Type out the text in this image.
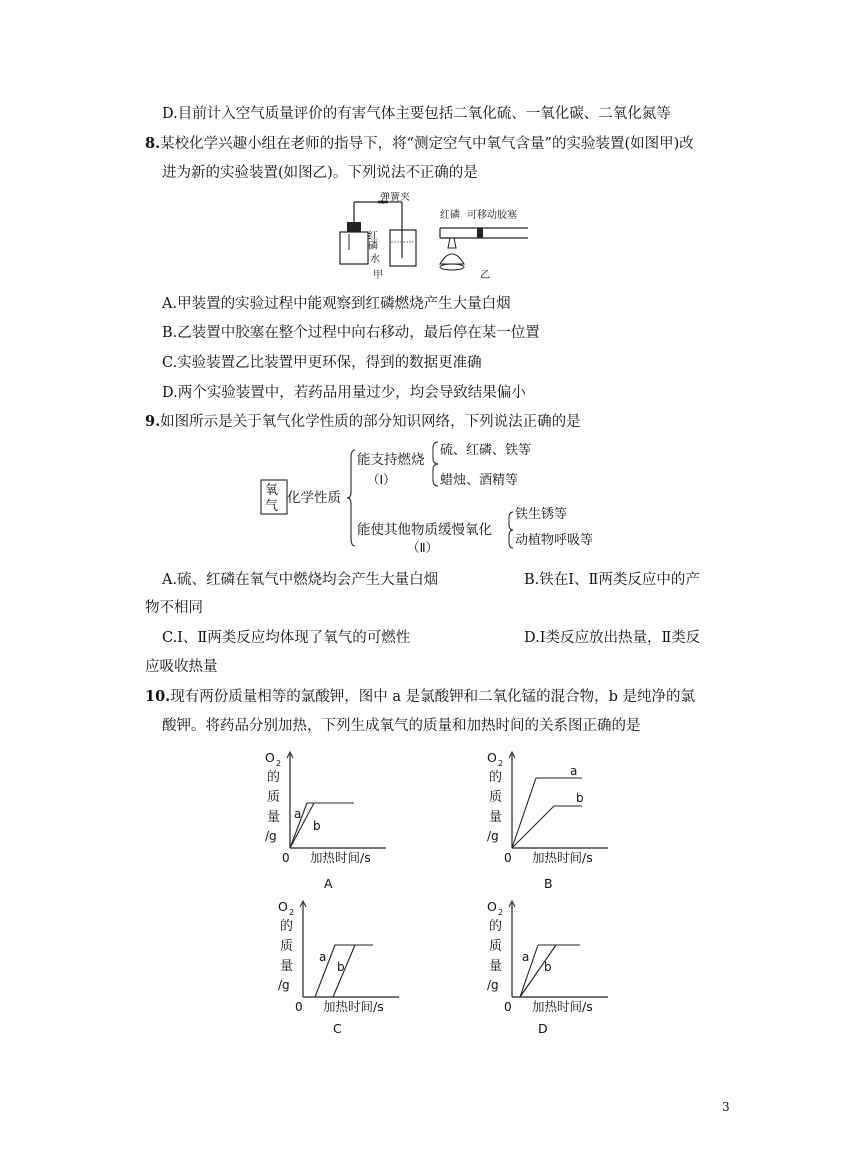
D.目前计入空气质量评价的有害气体主要包括二氧化硫、一氧化碳、二氧化氮等
8.某校化学兴趣小组在老师的指导下，将“测定空气中氧气含量”的实验装置(如图甲)改
进为新的实验装置(如图乙)。下列说法不正确的是
弹簧夹
红磷
水
甲
红磷 可移动胶塞
乙
A.甲装置的实验过程中能观察到红磷燃烧产生大量白烟
B.乙装置中胶塞在整个过程中向右移动，最后停在某一位置
C.实验装置乙比装置甲更环保，得到的数据更准确
D.两个实验装置中，若药品用量过少，均会导致结果偏小
9.如图所示是关于氧气化学性质的部分知识网络，下列说法正确的是
氧
气
化学性质
能支持燃烧
（Ⅰ）
硫、红磷、铁等
蜡烛、酒精等
能使其他物质缓慢氧化
（Ⅱ）
铁生锈等
动植物呼吸等
A.硫、红磷在氧气中燃烧均会产生大量白烟	B.铁在Ⅰ、Ⅱ两类反应中的产
物不相同
C.Ⅰ、Ⅱ两类反应均体现了氧气的可燃性	D.Ⅰ类反应放出热量，Ⅱ类反
应吸收热量
10.现有两份质量相等的氯酸钾，图中 a 是氯酸钾和二氧化锰的混合物，b 是纯净的氯
酸钾。将药品分别加热，下列生成氧气的质量和加热时间的关系图正确的是
O 2
的
质
量
/g
0 加热时间/s
a
b
A
O 2
的
质
量
/g
0 加热时间/s
a
b
B
O 2
的
质
量
/g
0 加热时间/s
a
b
C
O 2
的
质
量
/g
0 加热时间/s
a
b
D
3
